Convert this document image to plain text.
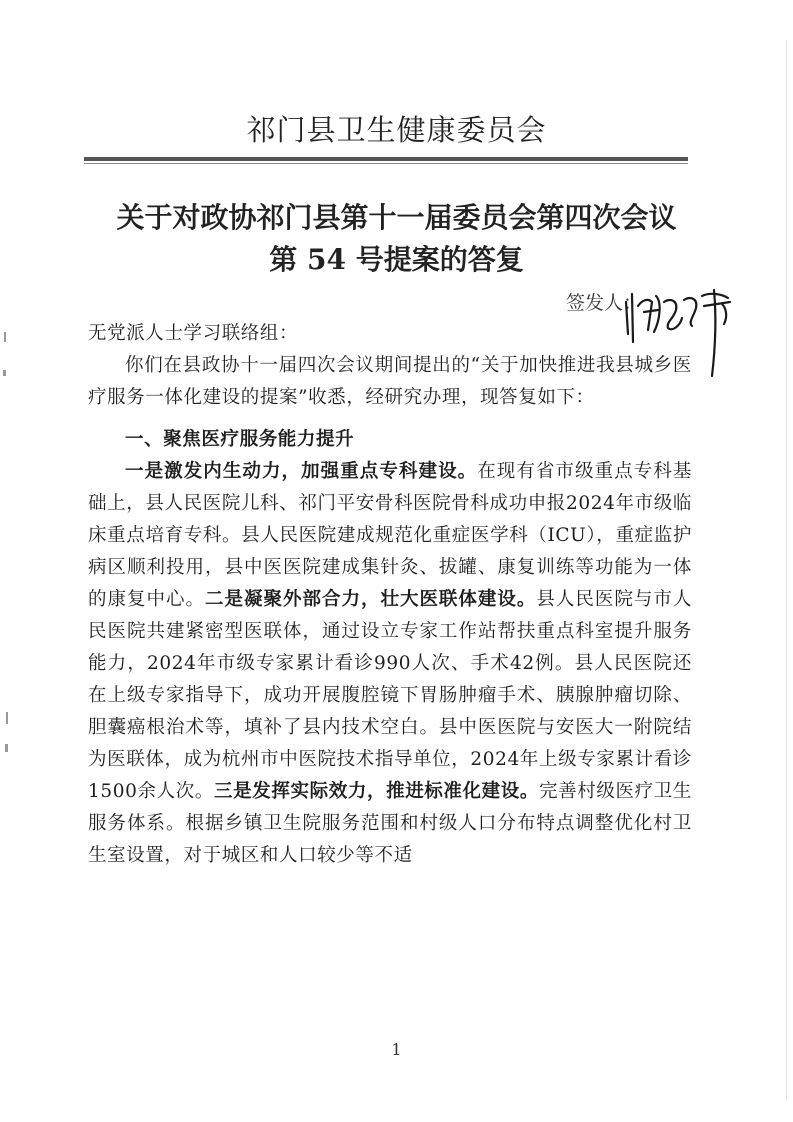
祁门县卫生健康委员会
关于对政协祁门县第十一届委员会第四次会议
第 54 号提案的答复
签发人：

无党派人士学习联络组：

你们在县政协十一届四次会议期间提出的“关于加快推进我县城乡医疗服务一体化建设的提案”收悉，经研究办理，现答复如下：

一、聚焦医疗服务能力提升

一是激发内生动力，加强重点专科建设。在现有省市级重点专科基础上，县人民医院儿科、祁门平安骨科医院骨科成功申报2024年市级临床重点培育专科。县人民医院建成规范化重症医学科（ICU），重症监护病区顺利投用，县中医医院建成集针灸、拔罐、康复训练等功能为一体的康复中心。二是凝聚外部合力，壮大医联体建设。县人民医院与市人民医院共建紧密型医联体，通过设立专家工作站帮扶重点科室提升服务能力，2024年市级专家累计看诊990人次、手术42例。县人民医院还在上级专家指导下，成功开展腹腔镜下胃肠肿瘤手术、胰腺肿瘤切除、胆囊癌根治术等，填补了县内技术空白。县中医医院与安医大一附院结为医联体，成为杭州市中医院技术指导单位，2024年上级专家累计看诊1500余人次。三是发挥实际效力，推进标准化建设。完善村级医疗卫生服务体系。根据乡镇卫生院服务范围和村级人口分布特点调整优化村卫生室设置，对于城区和人口较少等不适

1
